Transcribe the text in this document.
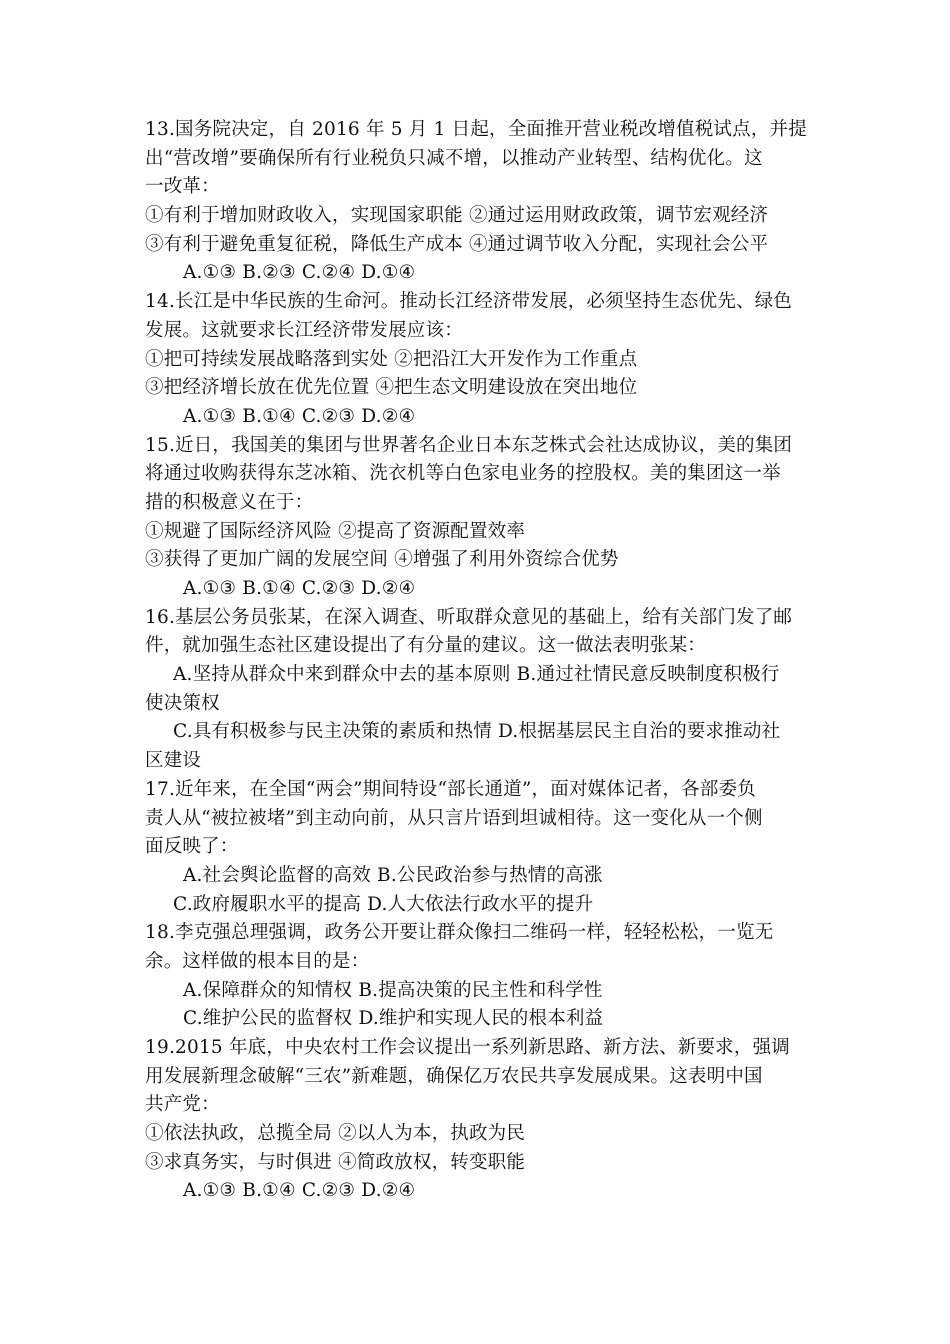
13.国务院决定，自 2016 年 5 月 1 日起，全面推开营业税改增值税试点，并提
出“营改增”要确保所有行业税负只减不增，以推动产业转型、结构优化。这
一改革：
①有利于增加财政收入，实现国家职能 ②通过运用财政政策，调节宏观经济
③有利于避免重复征税，降低生产成本 ④通过调节收入分配，实现社会公平
A.①③ B.②③ C.②④ D.①④
14.长江是中华民族的生命河。推动长江经济带发展，必须坚持生态优先、绿色
发展。这就要求长江经济带发展应该：
①把可持续发展战略落到实处 ②把沿江大开发作为工作重点
③把经济增长放在优先位置 ④把生态文明建设放在突出地位
A.①③ B.①④ C.②③ D.②④
15.近日，我国美的集团与世界著名企业日本东芝株式会社达成协议，美的集团
将通过收购获得东芝冰箱、洗衣机等白色家电业务的控股权。美的集团这一举
措的积极意义在于：
①规避了国际经济风险 ②提高了资源配置效率
③获得了更加广阔的发展空间 ④增强了利用外资综合优势
A.①③ B.①④ C.②③ D.②④
16.基层公务员张某，在深入调查、听取群众意见的基础上，给有关部门发了邮
件，就加强生态社区建设提出了有分量的建议。这一做法表明张某：
A.坚持从群众中来到群众中去的基本原则 B.通过社情民意反映制度积极行
使决策权
C.具有积极参与民主决策的素质和热情 D.根据基层民主自治的要求推动社
区建设
17.近年来，在全国“两会”期间特设“部长通道”，面对媒体记者，各部委负
责人从“被拉被堵”到主动向前，从只言片语到坦诚相待。这一变化从一个侧
面反映了：
A.社会舆论监督的高效 B.公民政治参与热情的高涨
C.政府履职水平的提高 D.人大依法行政水平的提升
18.李克强总理强调，政务公开要让群众像扫二维码一样，轻轻松松，一览无
余。这样做的根本目的是：
A.保障群众的知情权 B.提高决策的民主性和科学性
C.维护公民的监督权 D.维护和实现人民的根本利益
19.2015 年底，中央农村工作会议提出一系列新思路、新方法、新要求，强调
用发展新理念破解“三农”新难题，确保亿万农民共享发展成果。这表明中国
共产党：
①依法执政，总揽全局 ②以人为本，执政为民
③求真务实，与时俱进 ④简政放权，转变职能
A.①③ B.①④ C.②③ D.②④
